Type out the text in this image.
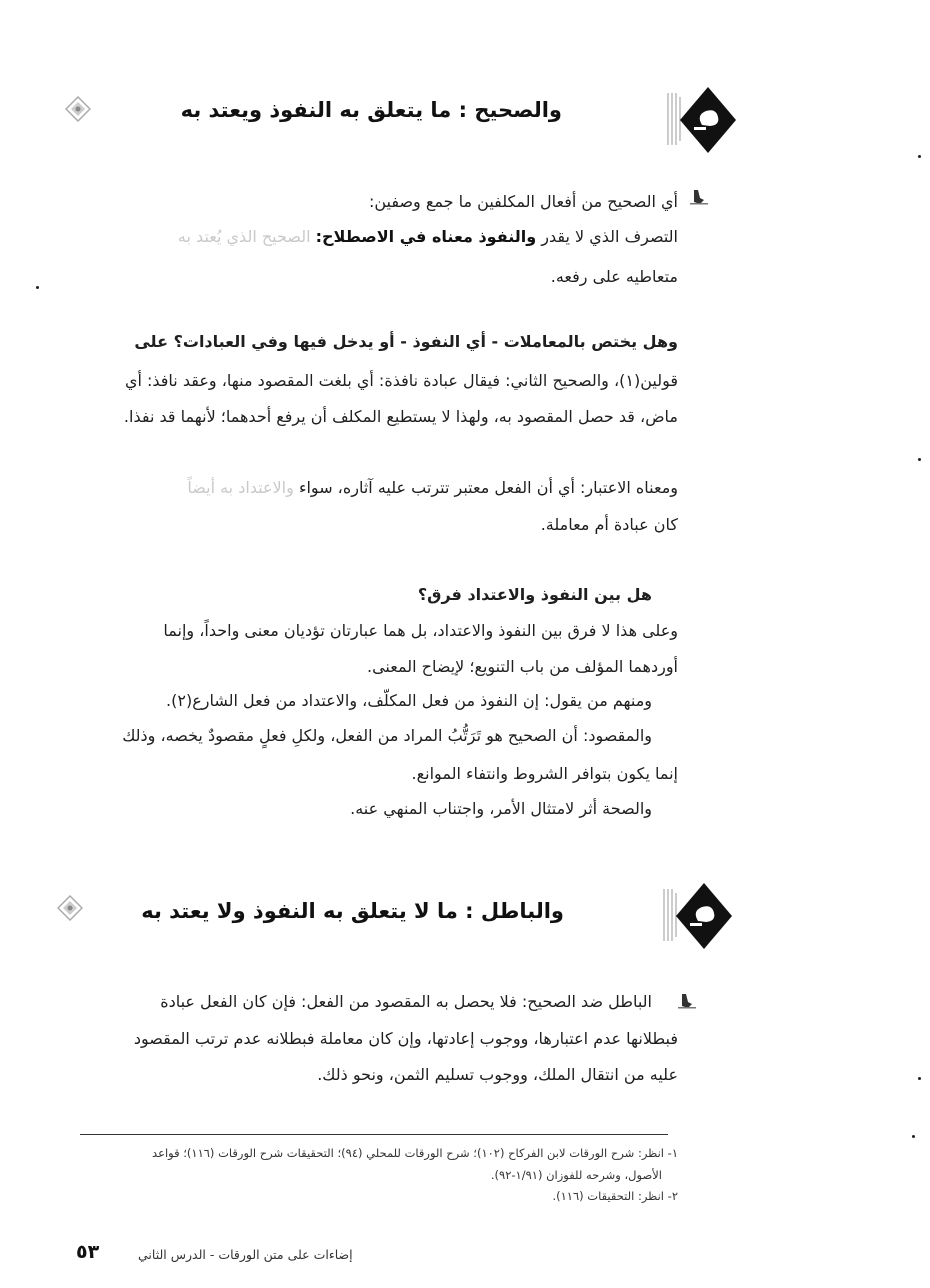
والصحيح : ما يتعلق به النفوذ ويعتد به
أي الصحيح من أفعال المكلفين ما جمع وصفين:
التصرف الذي لا يقدر والنفوذ معناه في الاصطلاح: الصحيح الذي يُعتد به
متعاطيه على رفعه.
وهل يختص بالمعاملات - أي النفوذ - أو يدخل فيها وفي العبادات؟ على
قولين(١)، والصحيح الثاني: فيقال عبادة نافذة: أي بلغت المقصود منها، وعقد نافذ: أي
ماض، قد حصل المقصود به، ولهذا لا يستطيع المكلف أن يرفع أحدهما؛ لأنهما قد نفذا.
ومعناه الاعتبار: أي أن الفعل معتبر تترتب عليه آثاره، سواء والاعتداد به أيضاً
كان عبادة أم معاملة.
هل بين النفوذ والاعتداد فرق؟
وعلى هذا لا فرق بين النفوذ والاعتداد، بل هما عبارتان تؤديان معنى واحداً، وإنما
أوردهما المؤلف من باب التنويع؛ لإيضاح المعنى.
ومنهم من يقول: إن النفوذ من فعل المكلّف، والاعتداد من فعل الشارع(٢).
والمقصود: أن الصحيح هو تَرَتُّبُ المراد من الفعل، ولكلِ فعلٍ مقصودٌ يخصه، وذلك
إنما يكون بتوافر الشروط وانتفاء الموانع.
والصحة أثر لامتثال الأمر، واجتناب المنهي عنه.
والباطل : ما لا يتعلق به النفوذ ولا يعتد به
الباطل ضد الصحيح: فلا يحصل به المقصود من الفعل: فإن كان الفعل عبادة
فبطلانها عدم اعتبارها، ووجوب إعادتها، وإن كان معاملة فبطلانه عدم ترتب المقصود
عليه من انتقال الملك، ووجوب تسليم الثمن، ونحو ذلك.
١- انظر: شرح الورقات لابن الفركاح (١٠٢)؛ شرح الورقات للمحلي (٩٤)؛ التحقيقات شرح الورقات (١١٦)؛ قواعد
الأصول، وشرحه للفوزان (١/٩١-٩٢).
٢- انظر: التحقيقات (١١٦).
إضاءات على متن الورقات - الدرس الثاني
٥٣
